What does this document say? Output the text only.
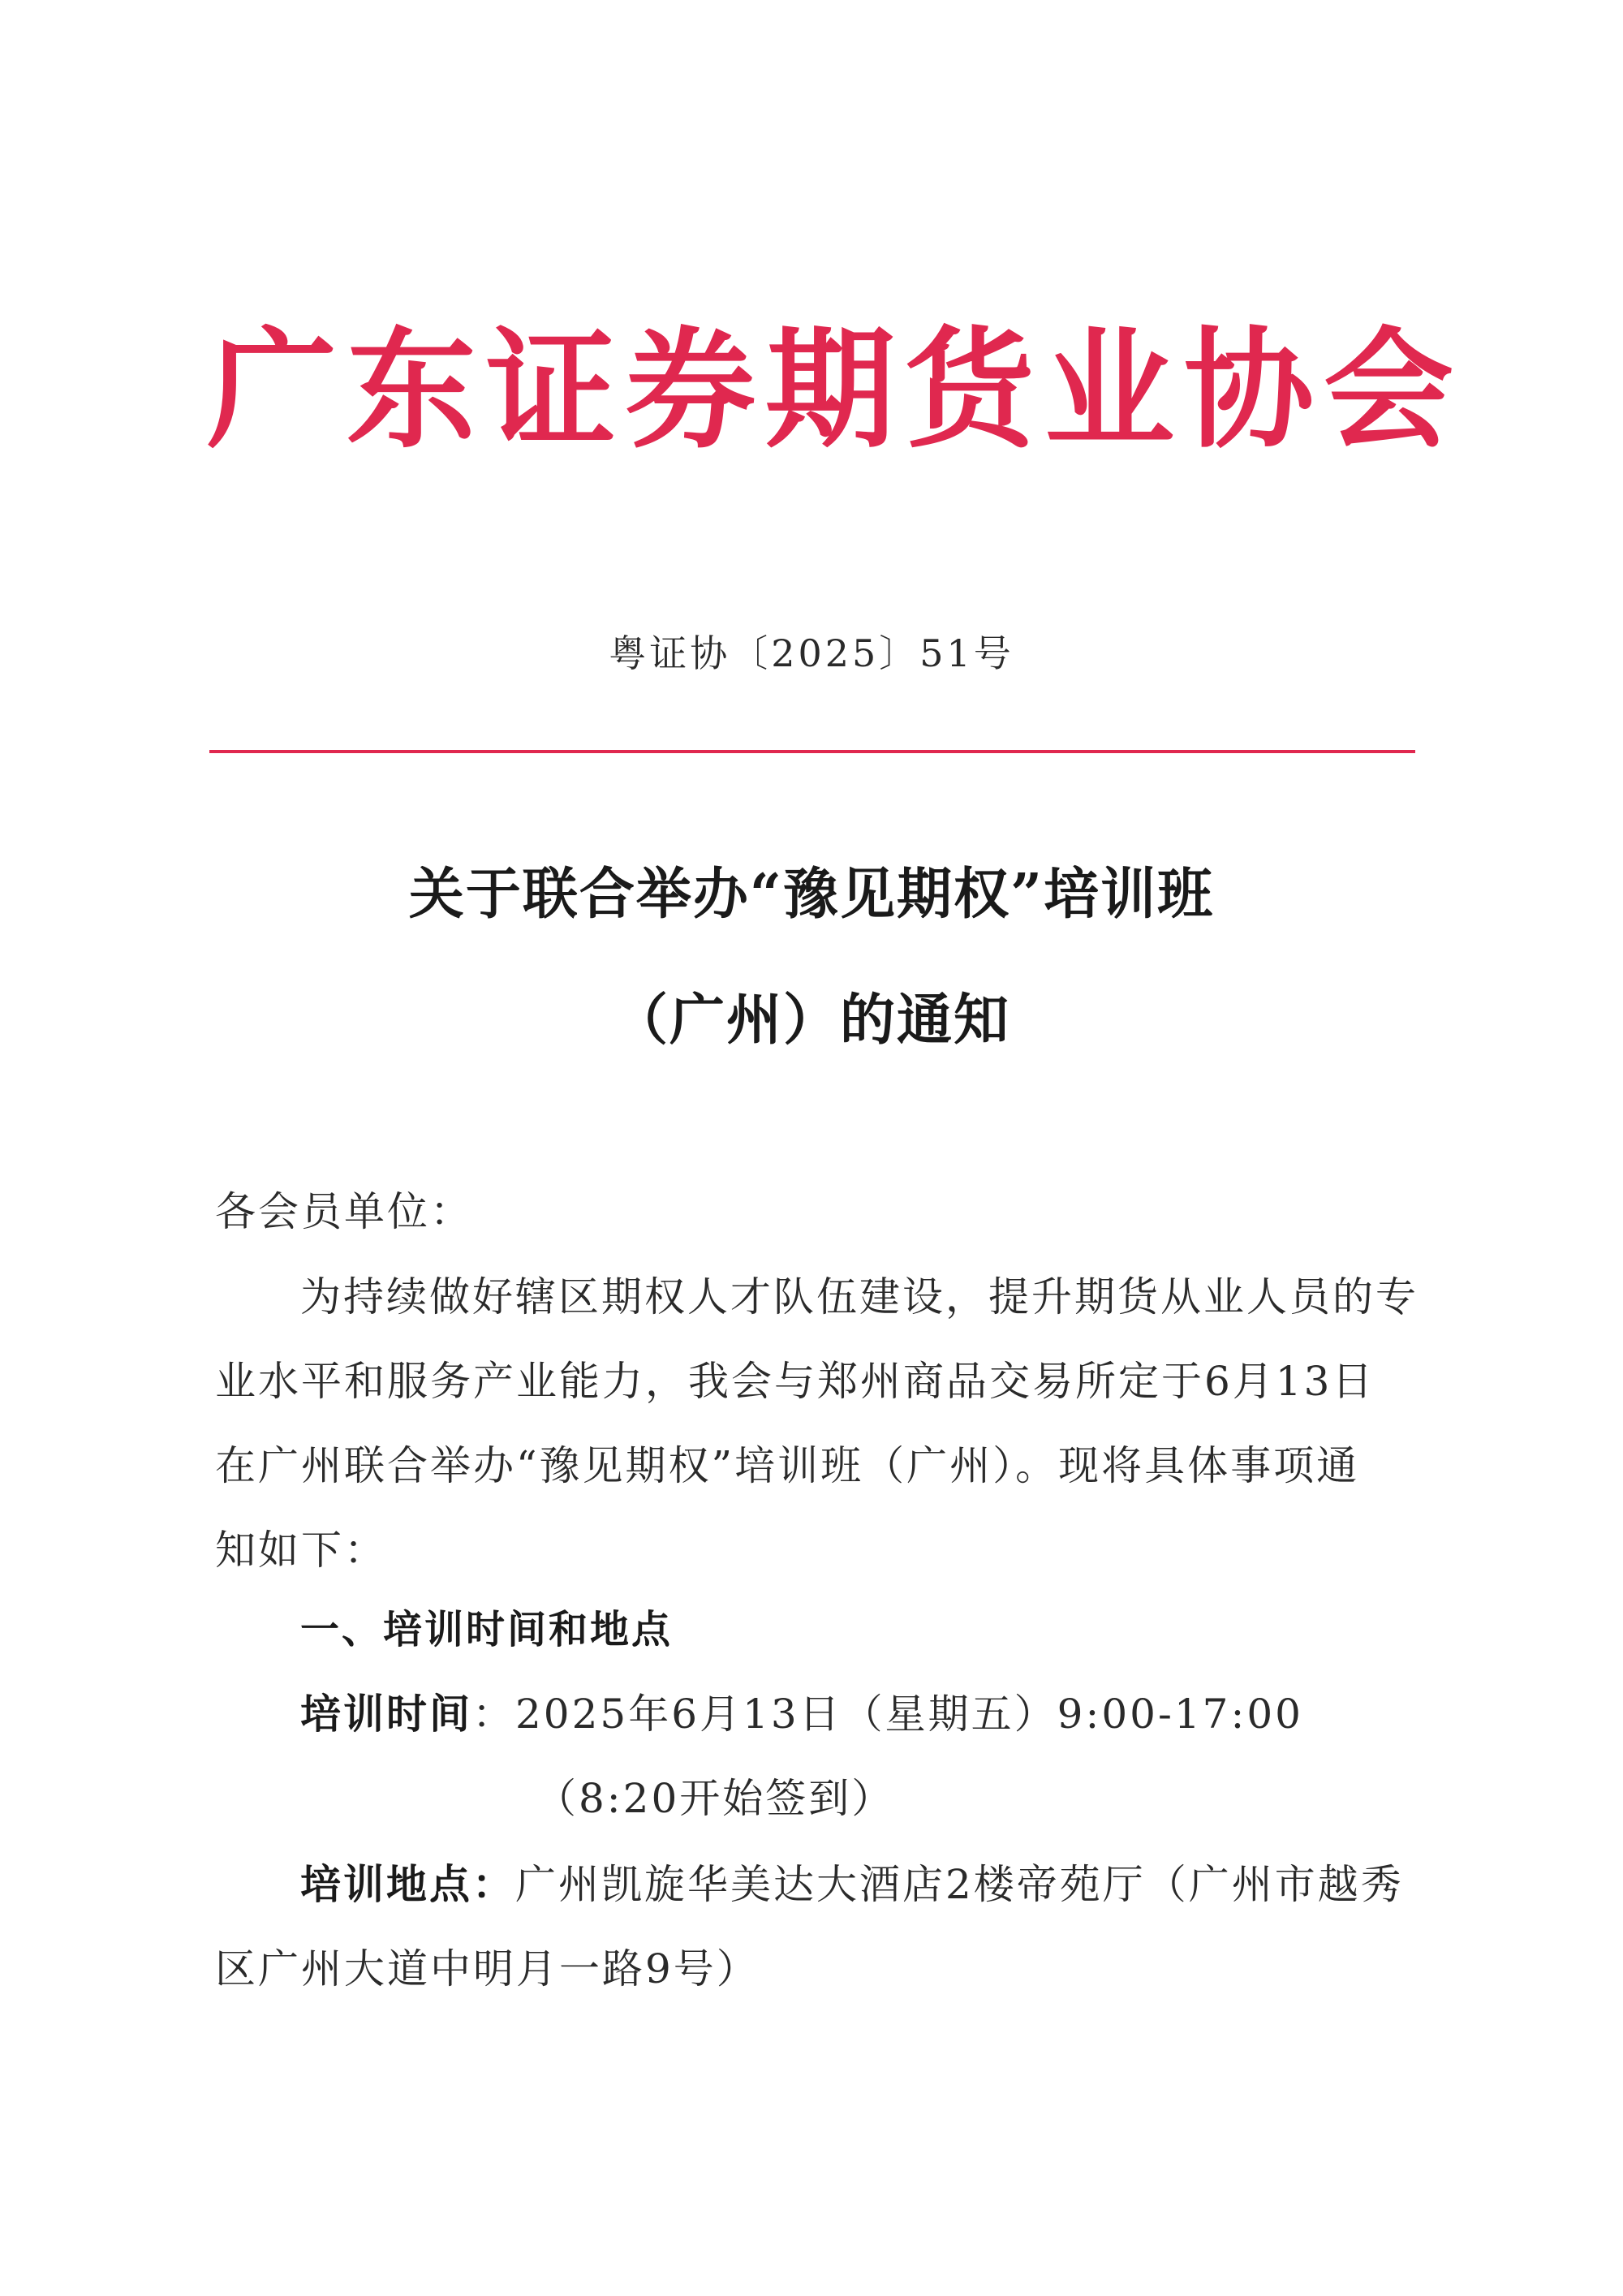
广东证券期货业协会
粤证协〔2025〕51号
关于联合举办“豫见期权”培训班
（广州）的通知
各会员单位：
为持续做好辖区期权人才队伍建设，提升期货从业人员的专
业水平和服务产业能力，我会与郑州商品交易所定于6月13日
在广州联合举办“豫见期权”培训班（广州）。现将具体事项通
知如下：
一、培训时间和地点
培训时间：2025年6月13日（星期五）9:00-17:00
（8:20开始签到）
培训地点：广州凯旋华美达大酒店2楼帝苑厅（广州市越秀
区广州大道中明月一路9号）
